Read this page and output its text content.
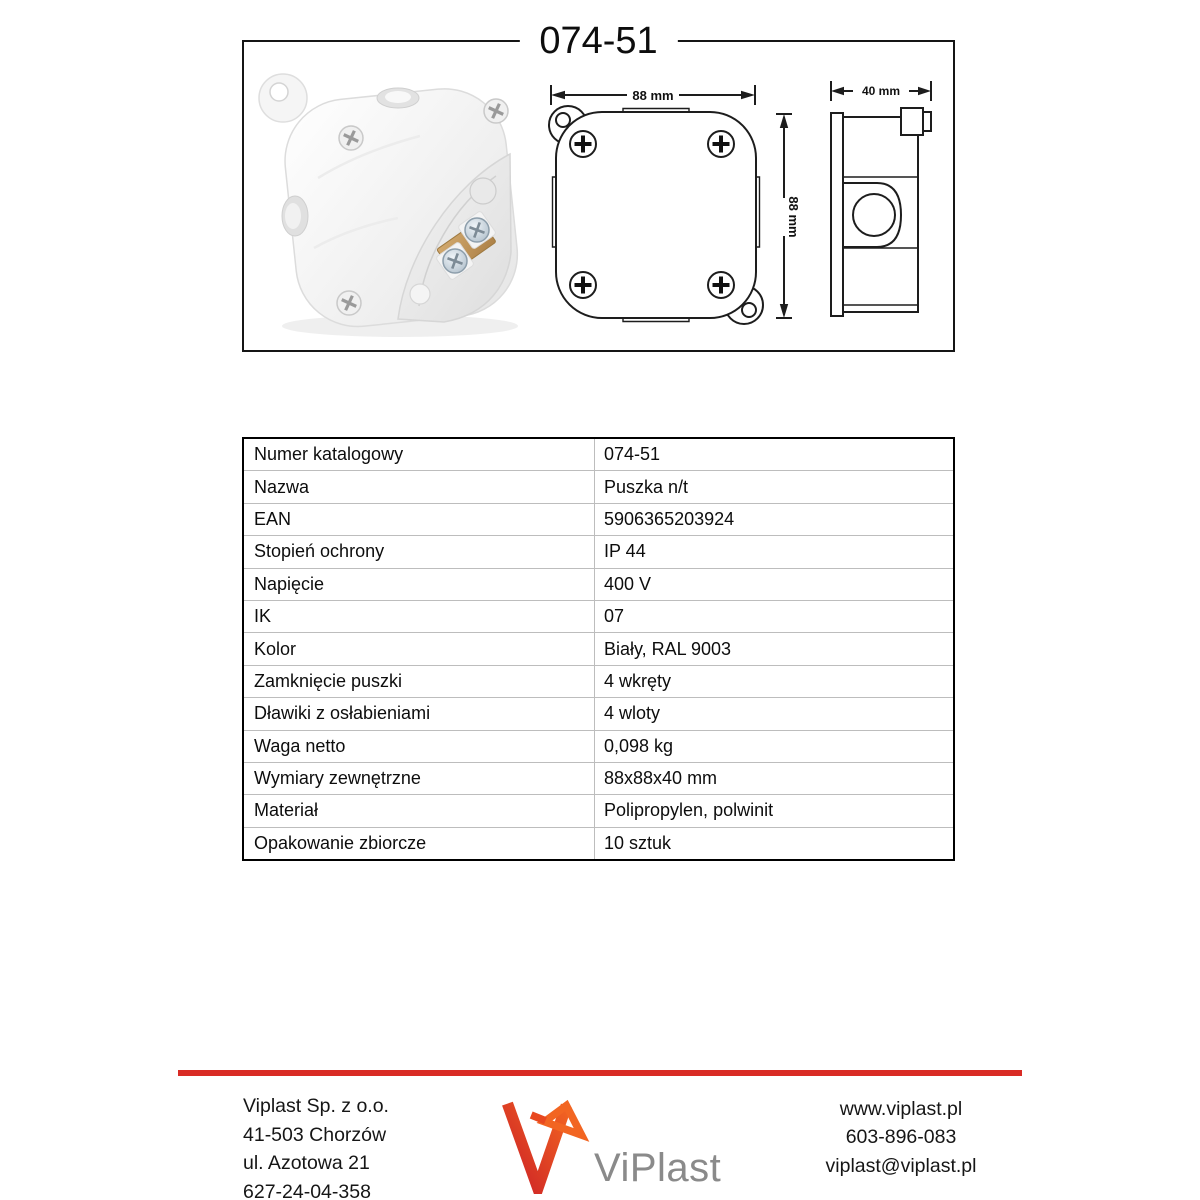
074-51
88 mm
88 mm
40 mm
Numer katalogowy	074-51
Nazwa	Puszka n/t
EAN	5906365203924
Stopień ochrony	IP 44
Napięcie	400 V
IK	07
Kolor	Biały, RAL 9003
Zamknięcie puszki	4 wkręty
Dławiki z osłabieniami	4 wloty
Waga netto	0,098 kg
Wymiary zewnętrzne	88x88x40 mm
Materiał	Polipropylen, polwinit
Opakowanie zbiorcze	10 sztuk
Viplast Sp. z o.o.
41-503 Chorzów
ul. Azotowa 21
627-24-04-358
ViPlast
www.viplast.pl
603-896-083
viplast@viplast.pl
